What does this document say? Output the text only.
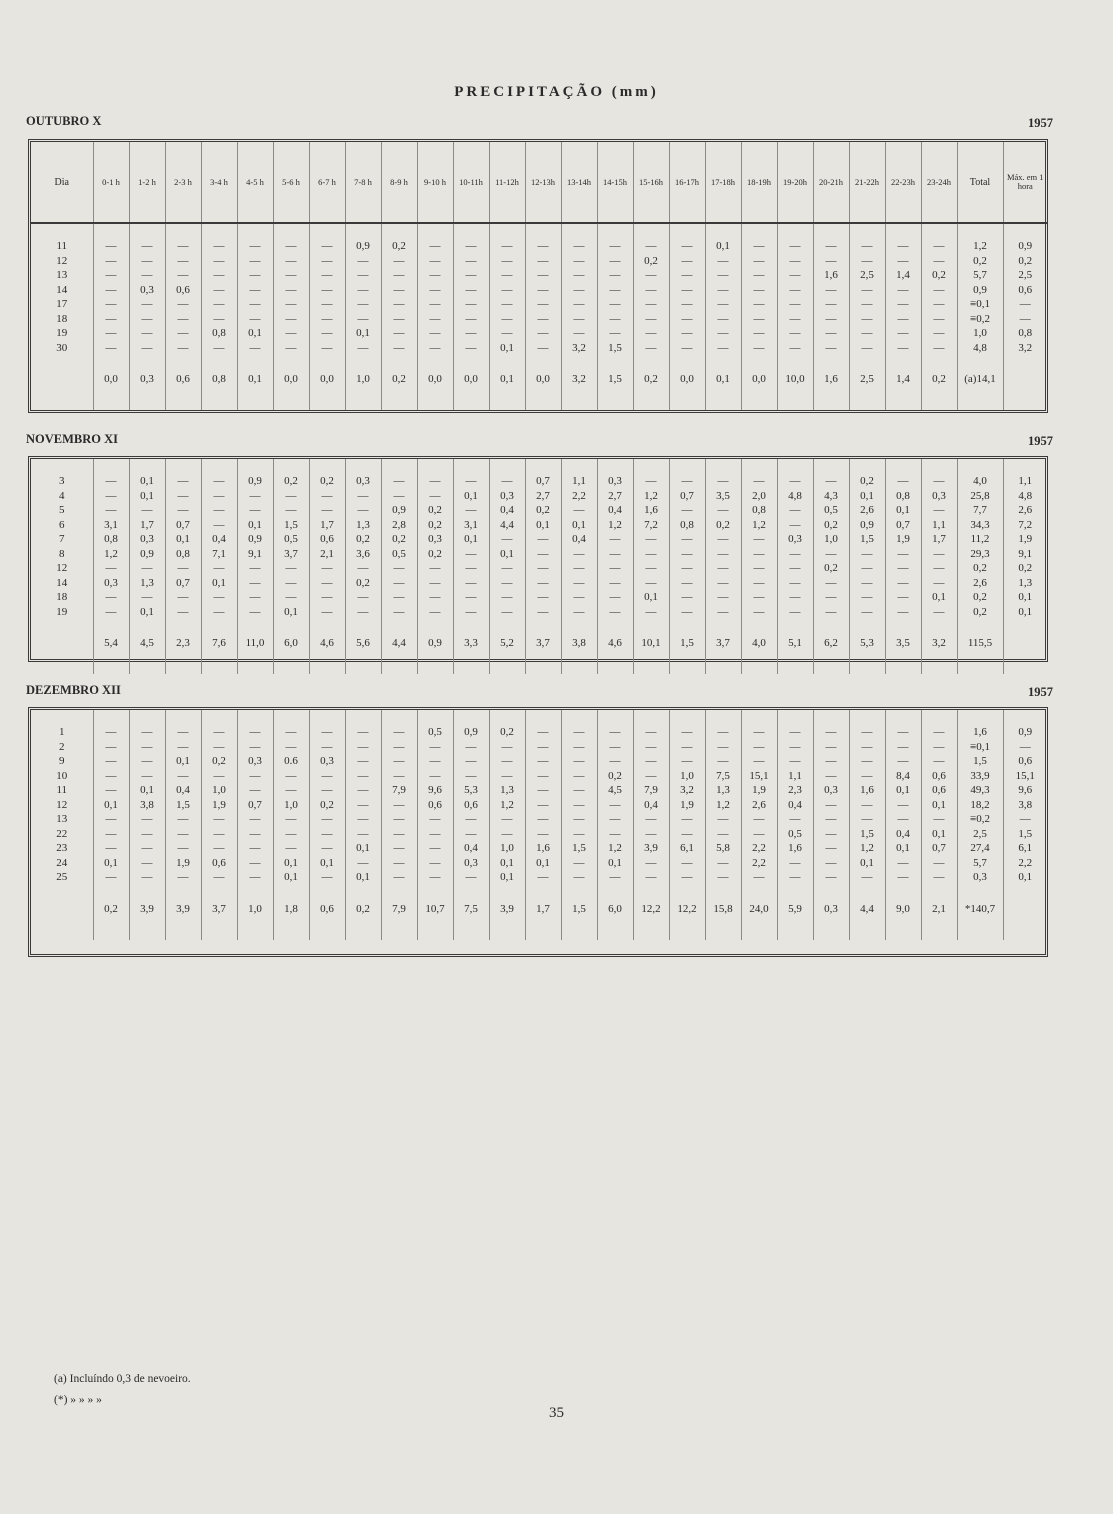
PRECIPITAÇÃO (mm)
OUTUBRO X	1957
Dia	0-1 h	1-2 h	2-3 h	3-4 h	4-5 h	5-6 h	6-7 h	7-8 h	8-9 h	9-10 h	10-11h	11-12h	12-13h	13-14h	14-15h	15-16h	16-17h	17-18h	18-19h	19-20h	20-21h	21-22h	22-23h	23-24h	Total	Máx. em 1 hora

11	—	—	—	—	—	—	—	0,9	0,2	—	—	—	—	—	—	—	—	0,1	—	—	—	—	—	—	1,2	0,9
12	—	—	—	—	—	—	—	—	—	—	—	—	—	—	—	0,2	—	—	—	—	—	—	—	—	0,2	0,2
13	—	—	—	—	—	—	—	—	—	—	—	—	—	—	—	—	—	—	—	—	1,6	2,5	1,4	0,2	5,7	2,5
14	—	0,3	0,6	—	—	—	—	—	—	—	—	—	—	—	—	—	—	—	—	—	—	—	—	—	0,9	0,6
17	—	—	—	—	—	—	—	—	—	—	—	—	—	—	—	—	—	—	—	—	—	—	—	—	≡0,1	—
18	—	—	—	—	—	—	—	—	—	—	—	—	—	—	—	—	—	—	—	—	—	—	—	—	≡0,2	—
19	—	—	—	0,8	0,1	—	—	0,1	—	—	—	—	—	—	—	—	—	—	—	—	—	—	—	—	1,0	0,8
30	—	—	—	—	—	—	—	—	—	—	—	0,1	—	3,2	1,5	—	—	—	—	—	—	—	—	—	4,8	3,2

	0,0	0,3	0,6	0,8	0,1	0,0	0,0	1,0	0,2	0,0	0,0	0,1	0,0	3,2	1,5	0,2	0,0	0,1	0,0	10,0	1,6	2,5	1,4	0,2	(a)14,1	

NOVEMBRO XI	1957

3	—	0,1	—	—	0,9	0,2	0,2	0,3	—	—	—	—	0,7	1,1	0,3	—	—	—	—	—	—	0,2	—	—	4,0	1,1
4	—	0,1	—	—	—	—	—	—	—	—	0,1	0,3	2,7	2,2	2,7	1,2	0,7	3,5	2,0	4,8	4,3	0,1	0,8	0,3	25,8	4,8
5	—	—	—	—	—	—	—	—	0,9	0,2	—	0,4	0,2	—	0,4	1,6	—	—	0,8	—	0,5	2,6	0,1	—	7,7	2,6
6	3,1	1,7	0,7	—	0,1	1,5	1,7	1,3	2,8	0,2	3,1	4,4	0,1	0,1	1,2	7,2	0,8	0,2	1,2	—	0,2	0,9	0,7	1,1	34,3	7,2
7	0,8	0,3	0,1	0,4	0,9	0,5	0,6	0,2	0,2	0,3	0,1	—	—	0,4	—	—	—	—	—	0,3	1,0	1,5	1,9	1,7	11,2	1,9
8	1,2	0,9	0,8	7,1	9,1	3,7	2,1	3,6	0,5	0,2	—	0,1	—	—	—	—	—	—	—	—	—	—	—	—	29,3	9,1
12	—	—	—	—	—	—	—	—	—	—	—	—	—	—	—	—	—	—	—	—	0,2	—	—	—	0,2	0,2
14	0,3	1,3	0,7	0,1	—	—	—	0,2	—	—	—	—	—	—	—	—	—	—	—	—	—	—	—	—	2,6	1,3
18	—	—	—	—	—	—	—	—	—	—	—	—	—	—	—	0,1	—	—	—	—	—	—	—	0,1	0,2	0,1
19	—	0,1	—	—	—	0,1	—	—	—	—	—	—	—	—	—	—	—	—	—	—	—	—	—	—	0,2	0,1

	5,4	4,5	2,3	7,6	11,0	6,0	4,6	5,6	4,4	0,9	3,3	5,2	3,7	3,8	4,6	10,1	1,5	3,7	4,0	5,1	6,2	5,3	3,5	3,2	115,5	

DEZEMBRO XII	1957

1	—	—	—	—	—	—	—	—	—	0,5	0,9	0,2	—	—	—	—	—	—	—	—	—	—	—	—	1,6	0,9
2	—	—	—	—	—	—	—	—	—	—	—	—	—	—	—	—	—	—	—	—	—	—	—	—	≡0,1	—
9	—	—	0,1	0,2	0,3	0.6	0,3	—	—	—	—	—	—	—	—	—	—	—	—	—	—	—	—	—	1,5	0,6
10	—	—	—	—	—	—	—	—	—	—	—	—	—	—	0,2	—	1,0	7,5	15,1	1,1	—	—	8,4	0,6	33,9	15,1
11	—	0,1	0,4	1,0	—	—	—	—	7,9	9,6	5,3	1,3	—	—	4,5	7,9	3,2	1,3	1,9	2,3	0,3	1,6	0,1	0,6	49,3	9,6
12	0,1	3,8	1,5	1,9	0,7	1,0	0,2	—	—	0,6	0,6	1,2	—	—	—	0,4	1,9	1,2	2,6	0,4	—	—	—	0,1	18,2	3,8
13	—	—	—	—	—	—	—	—	—	—	—	—	—	—	—	—	—	—	—	—	—	—	—	—	≡0,2	—
22	—	—	—	—	—	—	—	—	—	—	—	—	—	—	—	—	—	—	—	0,5	—	1,5	0,4	0,1	2,5	1,5
23	—	—	—	—	—	—	—	0,1	—	—	0,4	1,0	1,6	1,5	1,2	3,9	6,1	5,8	2,2	1,6	—	1,2	0,1	0,7	27,4	6,1
24	0,1	—	1,9	0,6	—	0,1	0,1	—	—	—	0,3	0,1	0,1	—	0,1	—	—	—	2,2	—	—	0,1	—	—	5,7	2,2
25	—	—	—	—	—	0,1	—	0,1	—	—	—	0,1	—	—	—	—	—	—	—	—	—	—	—	—	0,3	0,1

	0,2	3,9	3,9	3,7	1,0	1,8	0,6	0,2	7,9	10,7	7,5	3,9	1,7	1,5	6,0	12,2	12,2	15,8	24,0	5,9	0,3	4,4	9,0	2,1	*140,7	

(a) Incluíndo 0,3 de nevoeiro.
(*) » » » »
35
